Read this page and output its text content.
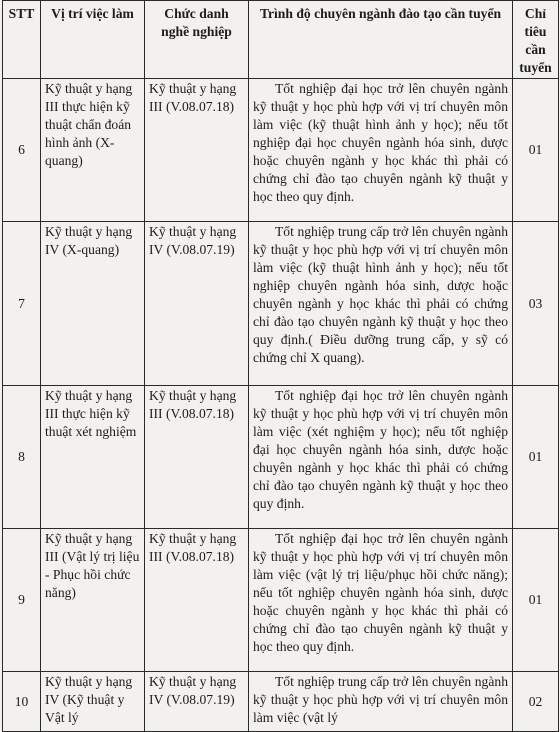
STT	Vị trí việc làm	Chức danh nghề nghiệp	Trình độ chuyên ngành đào tạo cần tuyển	Chỉ tiêu cần tuyển
6	Kỹ thuật y hạng III thực hiện kỹ thuật chẩn đoán hình ảnh (X-quang)	Kỹ thuật y hạng III (V.08.07.18)	Tốt nghiệp đại học trở lên chuyên ngành kỹ thuật y học phù hợp với vị trí chuyên môn làm việc (kỹ thuật hình ảnh y học); nếu tốt nghiệp đại học chuyên ngành hóa sinh, dược hoặc chuyên ngành y học khác thì phải có chứng chỉ đào tạo chuyên ngành kỹ thuật y học theo quy định.	01
7	Kỹ thuật y hạng IV (X-quang)	Kỹ thuật y hạng IV (V.08.07.19)	Tốt nghiệp trung cấp trở lên chuyên ngành kỹ thuật y học phù hợp với vị trí chuyên môn làm việc (kỹ thuật hình ảnh y học); nếu tốt nghiệp chuyên ngành hóa sinh, dược hoặc chuyên ngành y học khác thì phải có chứng chỉ đào tạo chuyên ngành kỹ thuật y học theo quy định.( Điều dưỡng trung cấp, y sỹ có chứng chỉ X quang).	03
8	Kỹ thuật y hạng III thực hiện kỹ thuật xét nghiệm	Kỹ thuật y hạng III (V.08.07.18)	Tốt nghiệp đại học trở lên chuyên ngành kỹ thuật y học phù hợp với vị trí chuyên môn làm việc (xét nghiệm y học); nếu tốt nghiệp đại học chuyên ngành hóa sinh, dược hoặc chuyên ngành y học khác thì phải có chứng chỉ đào tạo chuyên ngành kỹ thuật y học theo quy định.	01
9	Kỹ thuật y hạng III (Vật lý trị liệu - Phục hồi chức năng)	Kỹ thuật y hạng III (V.08.07.18)	Tốt nghiệp đại học trở lên chuyên ngành kỹ thuật y học phù hợp với vị trí chuyên môn làm việc (vật lý trị liệu/phục hồi chức năng); nếu tốt nghiệp chuyên ngành hóa sinh, dược hoặc chuyên ngành y học khác thì phải có chứng chỉ đào tạo chuyên ngành kỹ thuật y học theo quy định.	01
10	Kỹ thuật y hạng IV (Kỹ thuật y Vật lý	Kỹ thuật y hạng IV (V.08.07.19)	Tốt nghiệp trung cấp trở lên chuyên ngành kỹ thuật y học phù hợp với vị trí chuyên môn làm việc (vật lý	02
